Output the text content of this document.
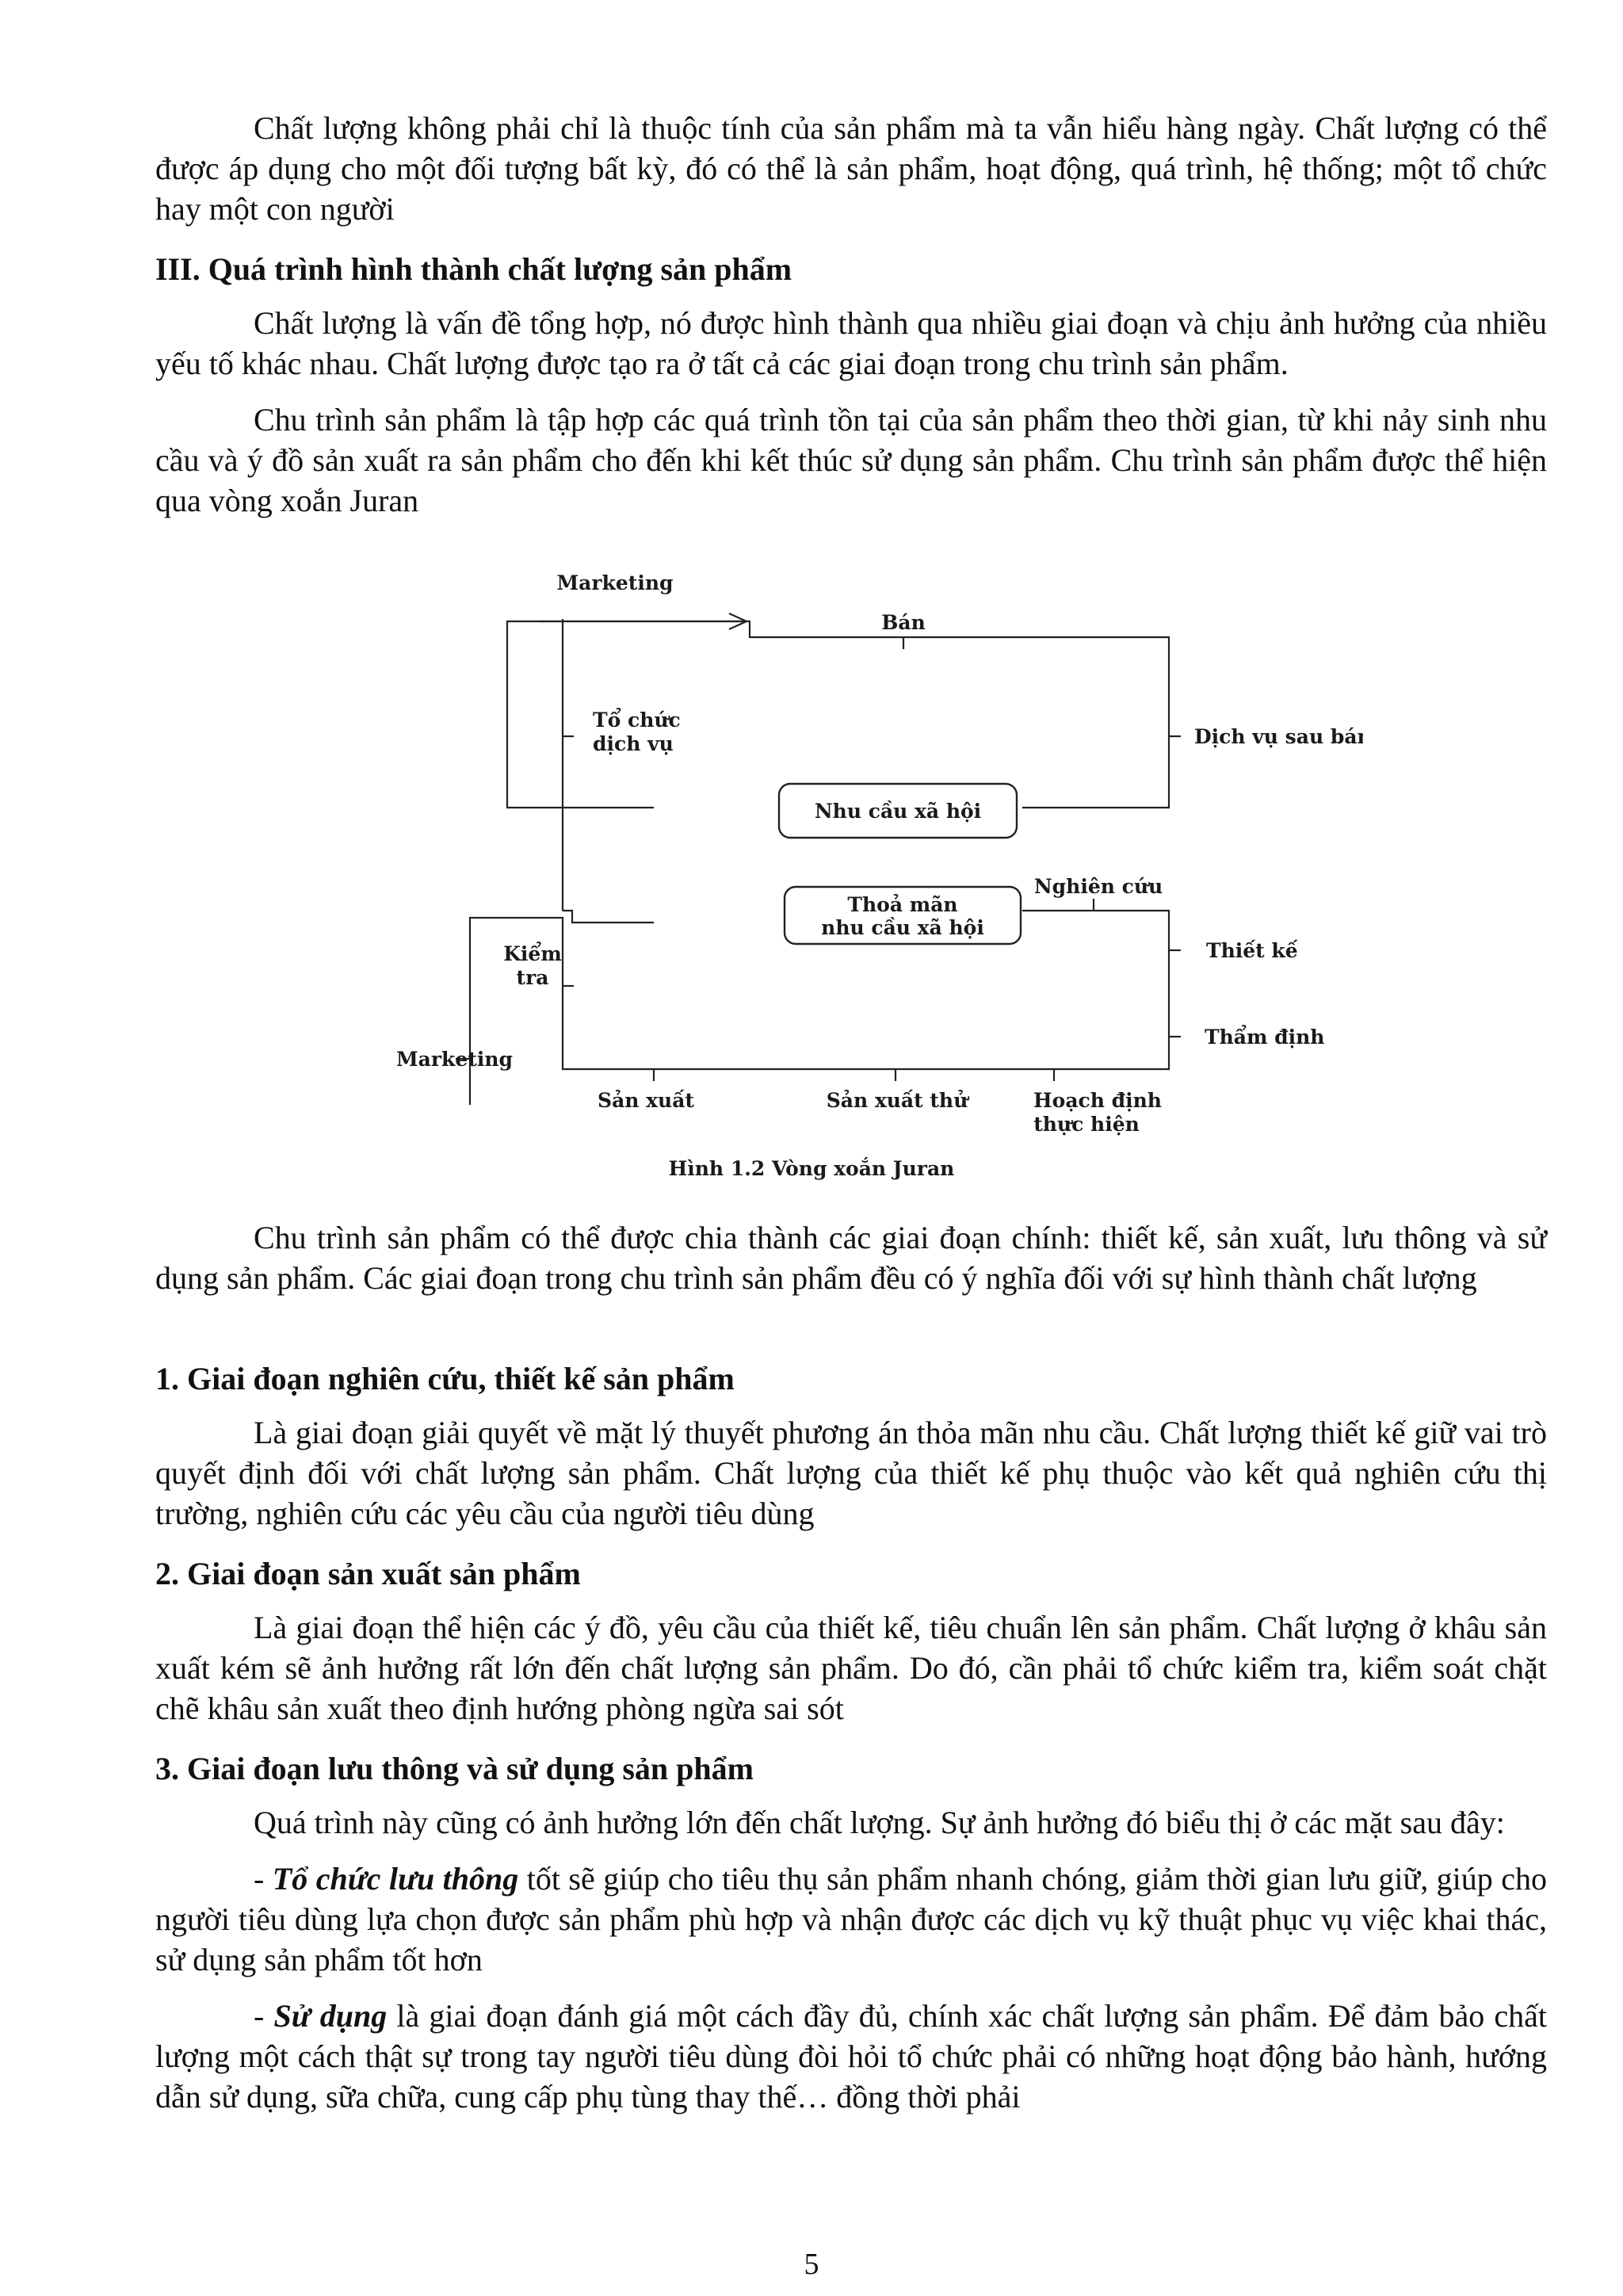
Chất lượng không phải chỉ là thuộc tính của sản phẩm mà ta vẫn hiểu hàng ngày. Chất lượng có thể được áp dụng cho một đối tượng bất kỳ, đó có thể là sản phẩm, hoạt động, quá trình, hệ thống; một tổ chức hay một con người

III. Quá trình hình thành chất lượng sản phẩm

Chất lượng là vấn đề tổng hợp, nó được hình thành qua nhiều giai đoạn và chịu ảnh hưởng của nhiều yếu tố khác nhau. Chất lượng được tạo ra ở tất cả các giai đoạn trong chu trình sản phẩm.

Chu trình sản phẩm là tập hợp các quá trình tồn tại của sản phẩm theo thời gian, từ khi nảy sinh nhu cầu và ý đồ sản xuất ra sản phẩm cho đến khi kết thúc sử dụng sản phẩm. Chu trình sản phẩm được thể hiện qua vòng xoắn Juran

Marketing
Bán
Tổ chức
dịch vụ	Dịch vụ sau bán
Nhu cầu xã hội
Nghiên cứu
Thoả mãn
nhu cầu xã hội
Kiểm
tra
Thiết kế
Marketing
Thẩm định
Sản xuất	Sản xuất thử	Hoạch định
thực hiện
Hình 1.2 Vòng xoắn Juran

Chu trình sản phẩm có thể được chia thành các giai đoạn chính: thiết kế, sản xuất, lưu thông và sử dụng sản phẩm. Các giai đoạn trong chu trình sản phẩm đều có ý nghĩa đối với sự hình thành chất lượng

1. Giai đoạn nghiên cứu, thiết kế sản phẩm

Là giai đoạn giải quyết về mặt lý thuyết phương án thỏa mãn nhu cầu. Chất lượng thiết kế giữ vai trò quyết định đối với chất lượng sản phẩm. Chất lượng của thiết kế phụ thuộc vào kết quả nghiên cứu thị trường, nghiên cứu các yêu cầu của người tiêu dùng

2. Giai đoạn sản xuất sản phẩm

Là giai đoạn thể hiện các ý đồ, yêu cầu của thiết kế, tiêu chuẩn lên sản phẩm. Chất lượng ở khâu sản xuất kém sẽ ảnh hưởng rất lớn đến chất lượng sản phẩm. Do đó, cần phải tổ chức kiểm tra, kiểm soát chặt chẽ khâu sản xuất theo định hướng phòng ngừa sai sót

3. Giai đoạn lưu thông và sử dụng sản phẩm

Quá trình này cũng có ảnh hưởng lớn đến chất lượng. Sự ảnh hưởng đó biểu thị ở các mặt sau đây:

- Tổ chức lưu thông tốt sẽ giúp cho tiêu thụ sản phẩm nhanh chóng, giảm thời gian lưu giữ, giúp cho người tiêu dùng lựa chọn được sản phẩm phù hợp và nhận được các dịch vụ kỹ thuật phục vụ việc khai thác, sử dụng sản phẩm tốt hơn

- Sử dụng là giai đoạn đánh giá một cách đầy đủ, chính xác chất lượng sản phẩm. Để đảm bảo chất lượng một cách thật sự trong tay người tiêu dùng đòi hỏi tổ chức phải có những hoạt động bảo hành, hướng dẫn sử dụng, sữa chữa, cung cấp phụ tùng thay thế… đồng thời phải

5
